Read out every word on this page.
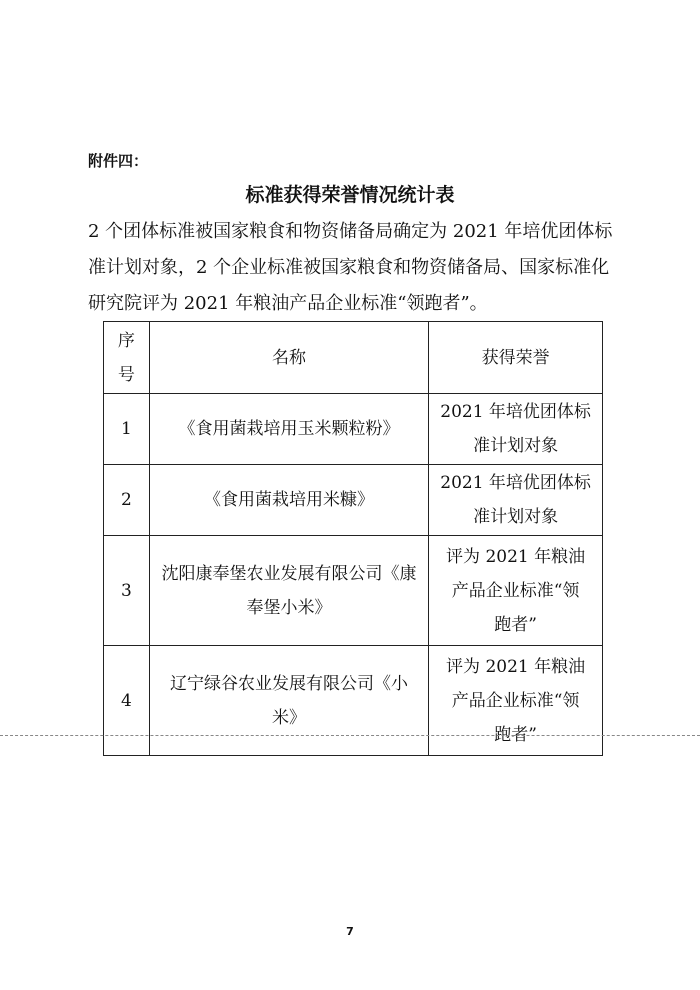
附件四：
标准获得荣誉情况统计表

2 个团体标准被国家粮食和物资储备局确定为 2021 年培优团体标

准计划对象，2 个企业标准被国家粮食和物资储备局、国家标准化

研究院评为 2021 年粮油产品企业标准“领跑者”。

序
号	名称	获得荣誉

1	《食用菌栽培用玉米颗粒粉》	2021 年培优团体标
准计划对象

2	《食用菌栽培用米糠》	2021 年培优团体标
准计划对象

3	沈阳康奉堡农业发展有限公司《康
奉堡小米》	评为 2021 年粮油
产品企业标准“领
跑者”

4	辽宁绿谷农业发展有限公司《小
米》	评为 2021 年粮油
产品企业标准“领
跑者”
7
